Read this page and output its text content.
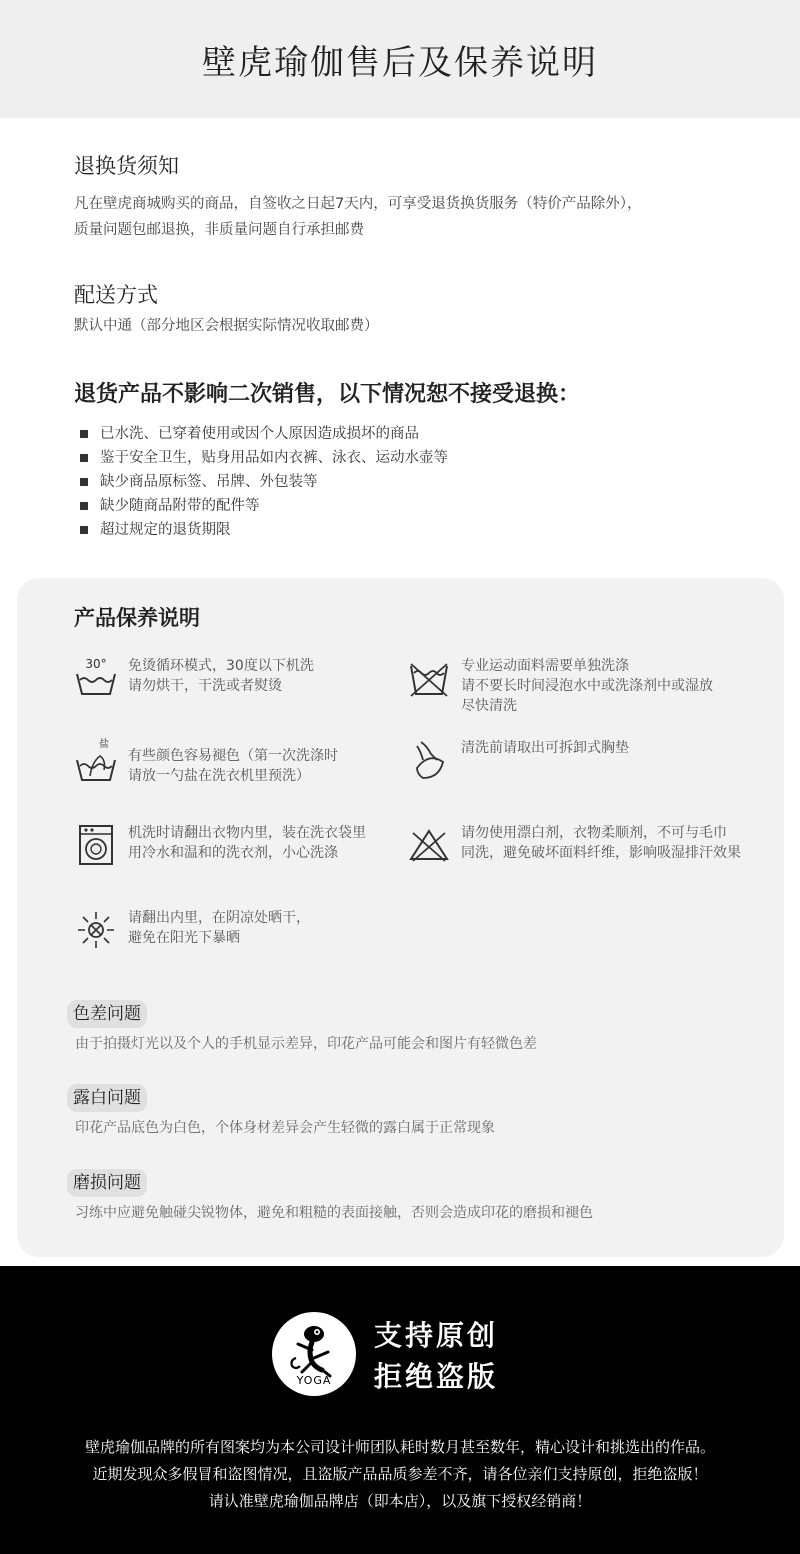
壁虎瑜伽售后及保养说明
退换货须知
凡在壁虎商城购买的商品，自签收之日起7天内，可享受退货换货服务（特价产品除外），
质量问题包邮退换，非质量问题自行承担邮费
配送方式
默认中通（部分地区会根据实际情况收取邮费）
退货产品不影响二次销售，以下情况恕不接受退换：
已水洗、已穿着使用或因个人原因造成损坏的商品
鉴于安全卫生，贴身用品如内衣裤、泳衣、运动水壶等
缺少商品原标签、吊牌、外包装等
缺少随商品附带的配件等
超过规定的退货期限
产品保养说明
30° 免烫循环模式，30度以下机洗
请勿烘干，干洗或者熨烫
专业运动面料需要单独洗涤
请不要长时间浸泡水中或洗涤剂中或湿放
尽快清洗
盐
有些颜色容易褪色（第一次洗涤时
请放一勺盐在洗衣机里预洗）
清洗前请取出可拆卸式胸垫
机洗时请翻出衣物内里，装在洗衣袋里
用冷水和温和的洗衣剂，小心洗涤
请勿使用漂白剂，衣物柔顺剂，不可与毛巾
同洗，避免破坏面料纤维，影响吸湿排汗效果
请翻出内里，在阴凉处晒干，
避免在阳光下暴晒
色差问题
由于拍摄灯光以及个人的手机显示差异，印花产品可能会和图片有轻微色差
露白问题
印花产品底色为白色，个体身材差异会产生轻微的露白属于正常现象
磨损问题
习练中应避免触碰尖锐物体，避免和粗糙的表面接触，否则会造成印花的磨损和褪色
YOGA
支持原创
拒绝盗版
壁虎瑜伽品牌的所有图案均为本公司设计师团队耗时数月甚至数年，精心设计和挑选出的作品。
近期发现众多假冒和盗图情况，且盗版产品品质参差不齐，请各位亲们支持原创，拒绝盗版！
请认准壁虎瑜伽品牌店（即本店），以及旗下授权经销商！
